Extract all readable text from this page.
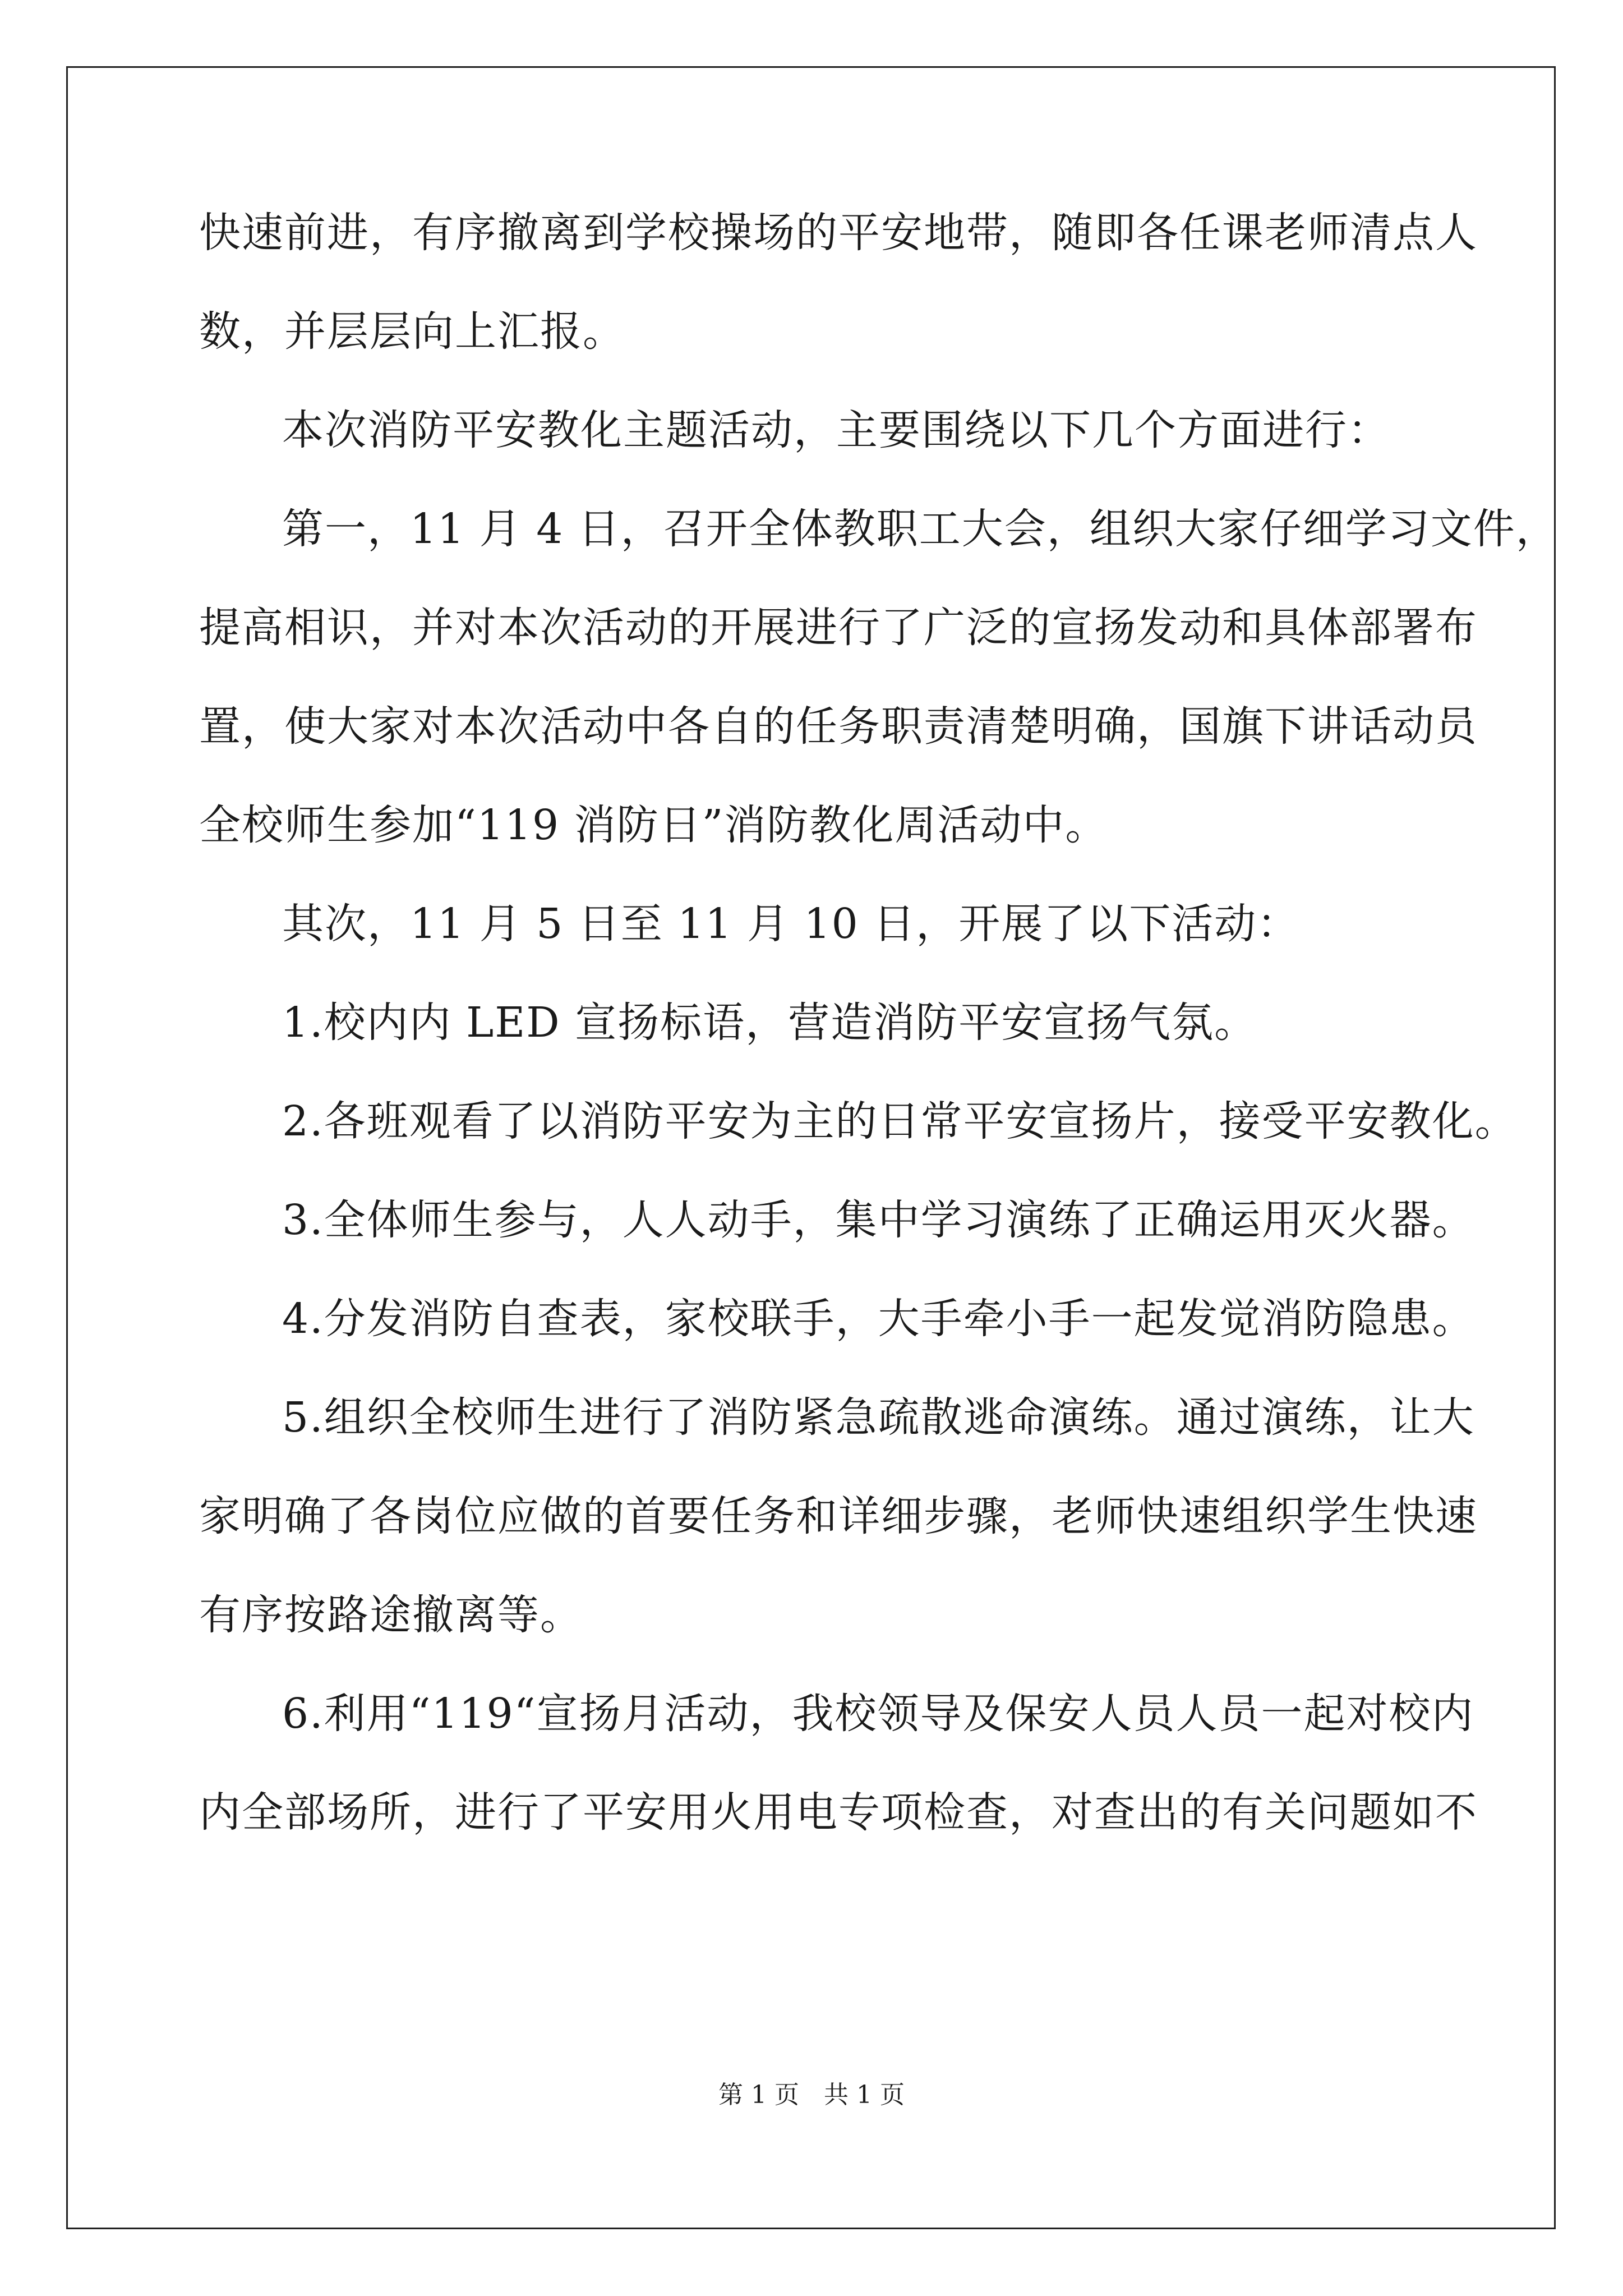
快速前进，有序撤离到学校操场的平安地带，随即各任课老师清点人
数，并层层向上汇报。
本次消防平安教化主题活动，主要围绕以下几个方面进行：
第一，11 月 4 日，召开全体教职工大会，组织大家仔细学习文件，
提高相识，并对本次活动的开展进行了广泛的宣扬发动和具体部署布
置，使大家对本次活动中各自的任务职责清楚明确，国旗下讲话动员
全校师生参加“119 消防日”消防教化周活动中。
其次，11 月 5 日至 11 月 10 日，开展了以下活动：
1.校内内 LED 宣扬标语，营造消防平安宣扬气氛。
2.各班观看了以消防平安为主的日常平安宣扬片，接受平安教化。
3.全体师生参与，人人动手，集中学习演练了正确运用灭火器。
4.分发消防自查表，家校联手，大手牵小手一起发觉消防隐患。
5.组织全校师生进行了消防紧急疏散逃命演练。通过演练，让大
家明确了各岗位应做的首要任务和详细步骤，老师快速组织学生快速
有序按路途撤离等。
6.利用“119“宣扬月活动，我校领导及保安人员人员一起对校内
内全部场所，进行了平安用火用电专项检查，对查出的有关问题如不
第 1 页　共 1 页
